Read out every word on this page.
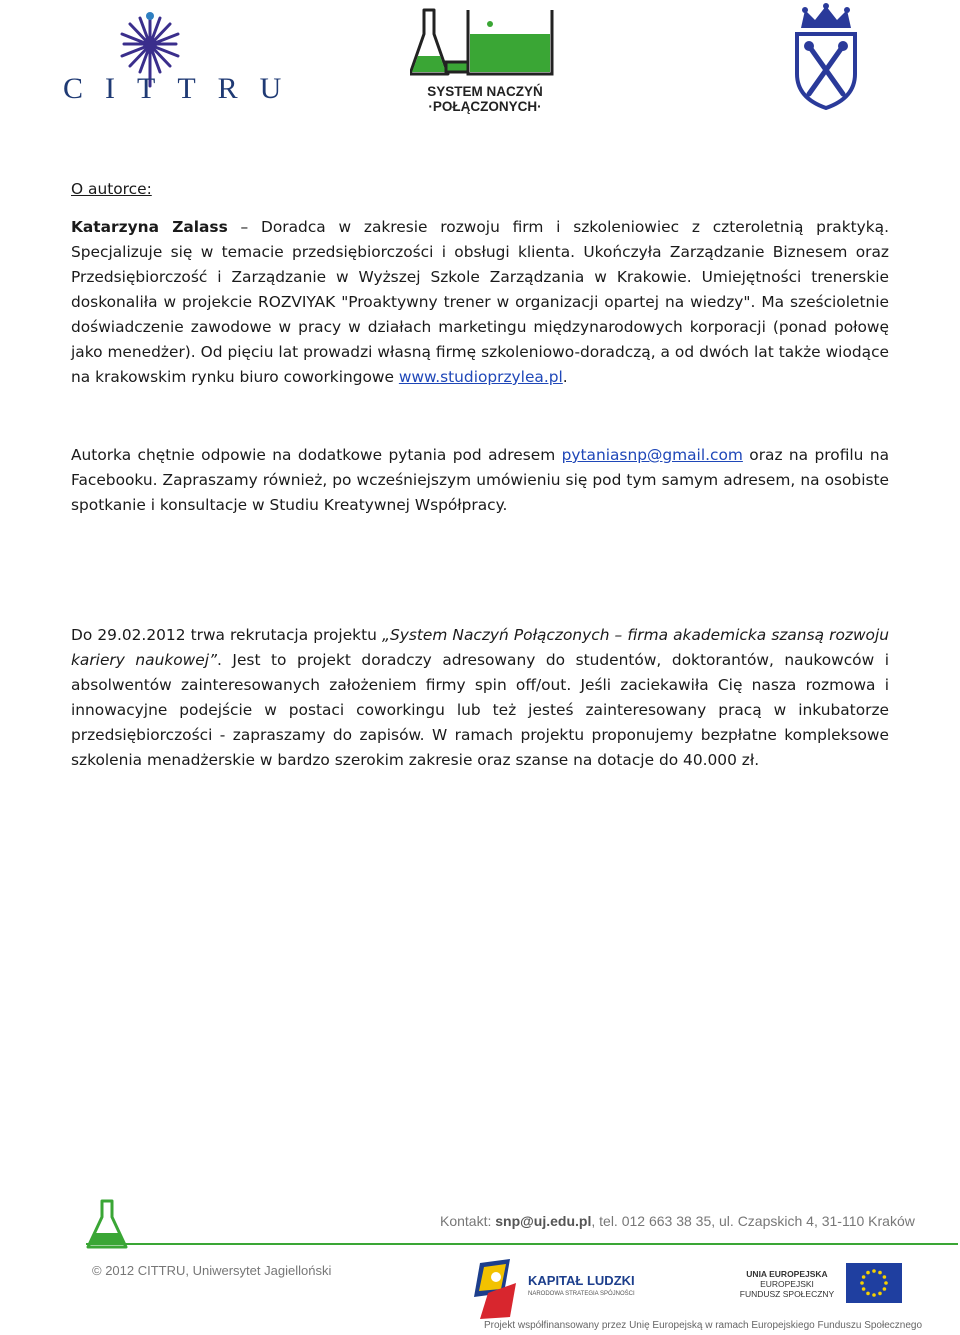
CITTRU	SYSTEM NACZYŃ
·POŁĄCZONYCH·

O autorce:

Katarzyna Zalass – Doradca w zakresie rozwoju firm i szkoleniowiec z czteroletnią praktyką. Specjalizuje się w temacie przedsiębiorczości i obsługi klienta. Ukończyła Zarządzanie Biznesem oraz Przedsiębiorczość i Zarządzanie w Wyższej Szkole Zarządzania w Krakowie. Umiejętności trenerskie doskonaliła w projekcie ROZVIYAK "Proaktywny trener w organizacji opartej na wiedzy". Ma sześcioletnie doświadczenie zawodowe w pracy w działach marketingu międzynarodowych korporacji (ponad połowę jako menedżer). Od pięciu lat prowadzi własną firmę szkoleniowo-doradczą, a od dwóch lat także wiodące na krakowskim rynku biuro coworkingowe www.studioprzylea.pl.

Autorka chętnie odpowie na dodatkowe pytania pod adresem pytaniasnp@gmail.com oraz na profilu na Facebooku. Zapraszamy również, po wcześniejszym umówieniu się pod tym samym adresem, na osobiste spotkanie i konsultacje w Studiu Kreatywnej Współpracy.

Do 29.02.2012 trwa rekrutacja projektu „System Naczyń Połączonych – firma akademicka szansą rozwoju kariery naukowej”. Jest to projekt doradczy adresowany do studentów, doktorantów, naukowców i absolwentów zainteresowanych założeniem firmy spin off/out. Jeśli zaciekawiła Cię nasza rozmowa i innowacyjne podejście w postaci coworkingu lub też jesteś zainteresowany pracą w inkubatorze przedsiębiorczości - zapraszamy do zapisów. W ramach projektu proponujemy bezpłatne kompleksowe szkolenia menadżerskie w bardzo szerokim zakresie oraz szanse na dotacje do 40.000 zł.

Kontakt: snp@uj.edu.pl, tel. 012 663 38 35, ul. Czapskich 4, 31-110 Kraków
© 2012 CITTRU, Uniwersytet Jagielloński
KAPITAŁ LUDZKI
NARODOWA STRATEGIA SPÓJNOŚCI
UNIA EUROPEJSKA
EUROPEJSKI
FUNDUSZ SPOŁECZNY
Projekt współfinansowany przez Unię Europejską w ramach Europejskiego Funduszu Społecznego
